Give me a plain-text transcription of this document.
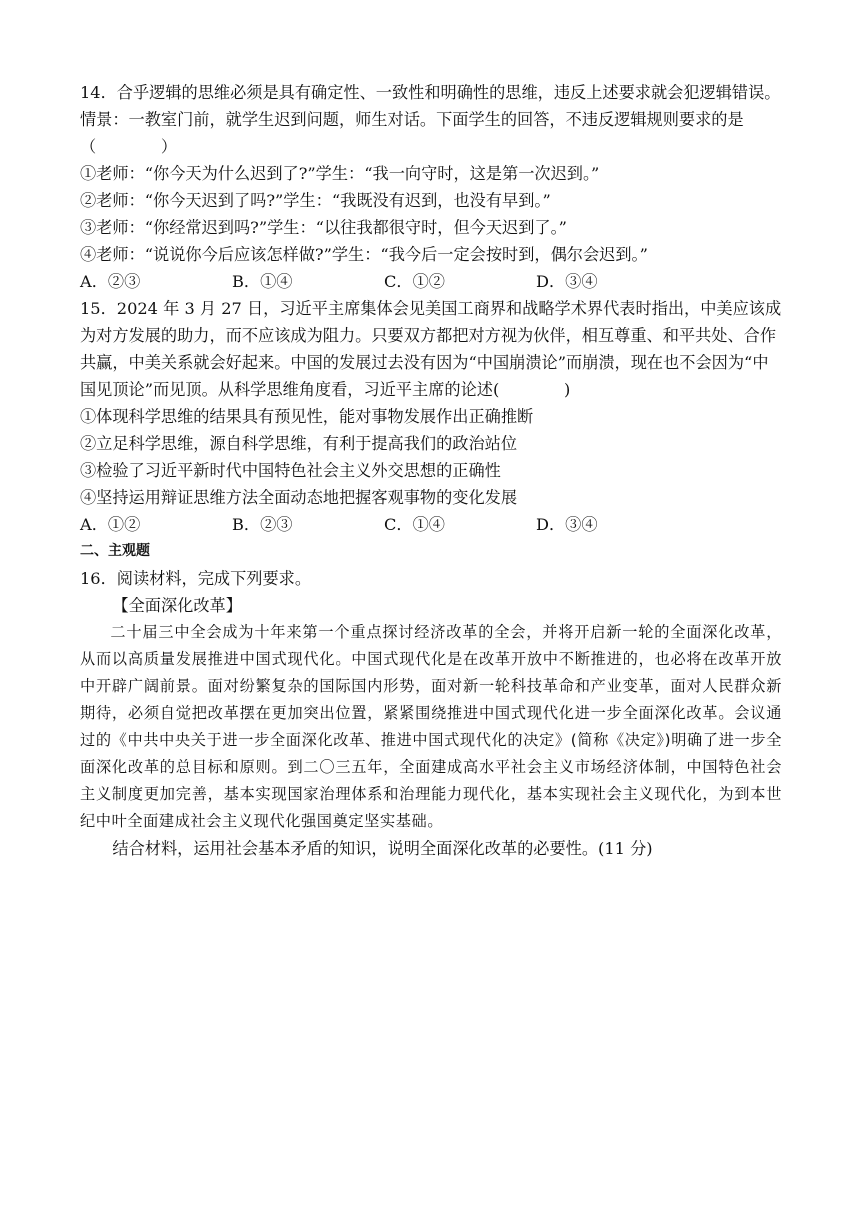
14．合乎逻辑的思维必须是具有确定性、一致性和明确性的思维，违反上述要求就会犯逻辑错误。情景：一教室门前，就学生迟到问题，师生对话。下面学生的回答，不违反逻辑规则要求的是（　　　　）
①老师：“你今天为什么迟到了?”学生：“我一向守时，这是第一次迟到。”
②老师：“你今天迟到了吗?”学生：“我既没有迟到，也没有早到。”
③老师：“你经常迟到吗?”学生：“以往我都很守时，但今天迟到了。”
④老师：“说说你今后应该怎样做?”学生：“我今后一定会按时到，偶尔会迟到。”
A．②③	B．①④	C．①②	D．③④
15．2024 年 3 月 27 日，习近平主席集体会见美国工商界和战略学术界代表时指出，中美应该成为对方发展的助力，而不应该成为阻力。只要双方都把对方视为伙伴，相互尊重、和平共处、合作共赢，中美关系就会好起来。中国的发展过去没有因为“中国崩溃论”而崩溃，现在也不会因为“中国见顶论”而见顶。从科学思维角度看，习近平主席的论述(　　　　)
①体现科学思维的结果具有预见性，能对事物发展作出正确推断
②立足科学思维，源自科学思维，有利于提高我们的政治站位
③检验了习近平新时代中国特色社会主义外交思想的正确性
④坚持运用辩证思维方法全面动态地把握客观事物的变化发展
A．①②	B．②③	C．①④	D．③④
二、主观题
16．阅读材料，完成下列要求。
【全面深化改革】
二十届三中全会成为十年来第一个重点探讨经济改革的全会，并将开启新一轮的全面深化改革，从而以高质量发展推进中国式现代化。中国式现代化是在改革开放中不断推进的，也必将在改革开放中开辟广阔前景。面对纷繁复杂的国际国内形势，面对新一轮科技革命和产业变革，面对人民群众新期待，必须自觉把改革摆在更加突出位置，紧紧围绕推进中国式现代化进一步全面深化改革。会议通过的《中共中央关于进一步全面深化改革、推进中国式现代化的决定》(简称《决定》)明确了进一步全面深化改革的总目标和原则。到二〇三五年，全面建成高水平社会主义市场经济体制，中国特色社会主义制度更加完善，基本实现国家治理体系和治理能力现代化，基本实现社会主义现代化，为到本世纪中叶全面建成社会主义现代化强国奠定坚实基础。
结合材料，运用社会基本矛盾的知识，说明全面深化改革的必要性。(11 分)
